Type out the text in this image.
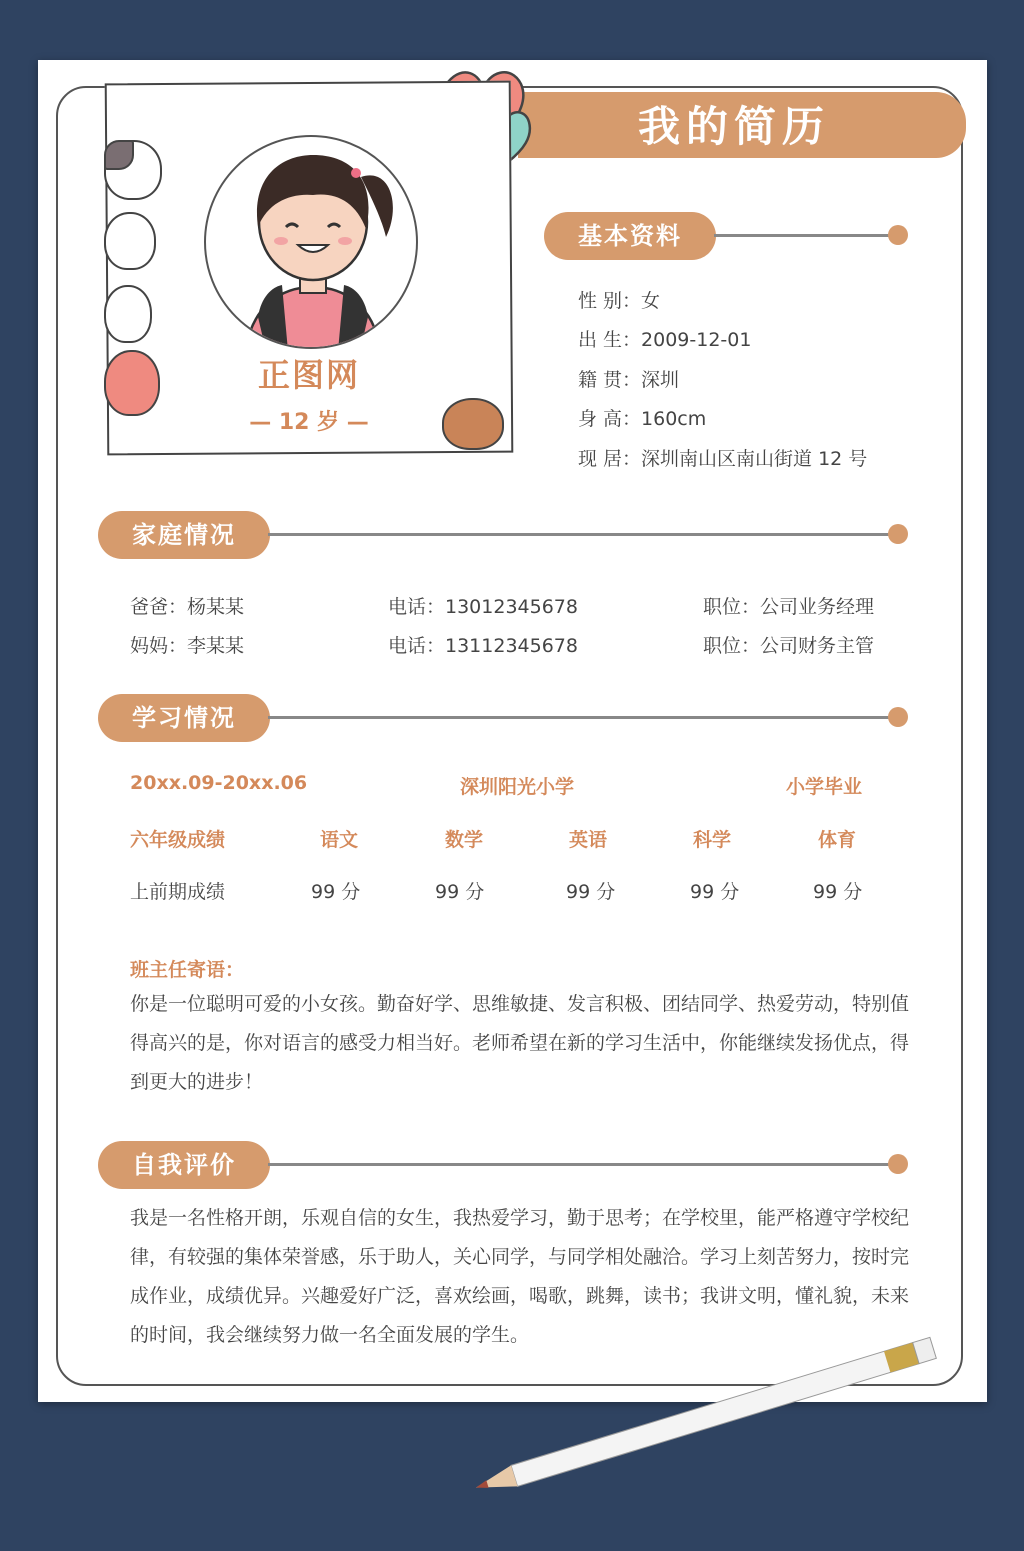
我的简历
正图网
— 12 岁 —
基本资料
性 别：女
出 生：2009-12-01
籍 贯：深圳
身 高：160cm
现 居：深圳南山区南山街道 12 号
家庭情况
爸爸：杨某某	电话：13012345678	职位：公司业务经理
妈妈：李某某	电话：13112345678	职位：公司财务主管
学习情况
20xx.09-20xx.06	深圳阳光小学	小学毕业
六年级成绩	语文	数学	英语	科学	体育
上前期成绩	99 分	99 分	99 分	99 分	99 分
班主任寄语：
你是一位聪明可爱的小女孩。勤奋好学、思维敏捷、发言积极、团结同学、热爱劳动，特别值得高兴的是，你对语言的感受力相当好。老师希望在新的学习生活中，你能继续发扬优点，得到更大的进步！
自我评价
我是一名性格开朗，乐观自信的女生，我热爱学习，勤于思考；在学校里，能严格遵守学校纪律，有较强的集体荣誉感，乐于助人，关心同学，与同学相处融洽。学习上刻苦努力，按时完成作业，成绩优异。兴趣爱好广泛，喜欢绘画，喝歌，跳舞，读书；我讲文明，懂礼貌，未来的时间，我会继续努力做一名全面发展的学生。
